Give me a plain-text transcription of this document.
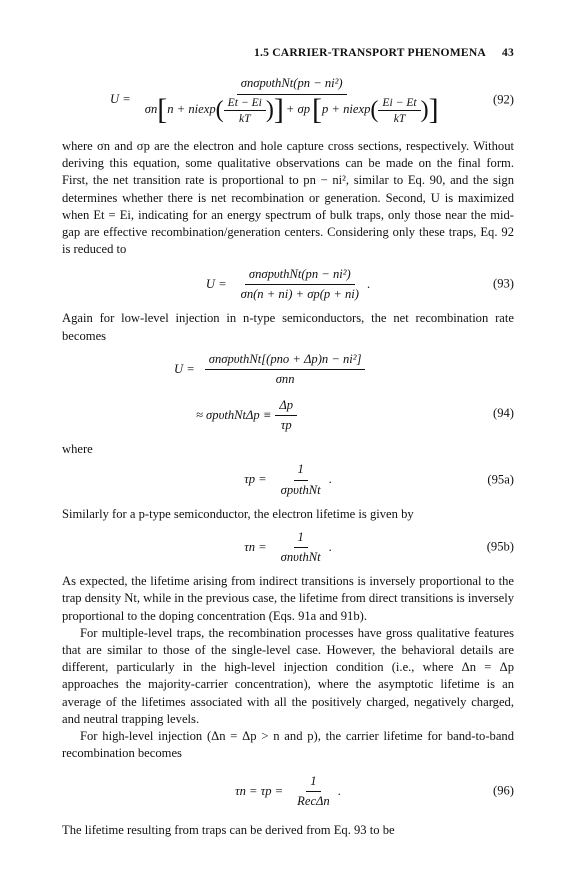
1.5 CARRIER-TRANSPORT PHENOMENA 43
U =
σnσpυthNt(pn − ni²)
σn [ n + niexp ( $\frac{Et - Ei}{kT}$ ) ] + σp [ p + niexp ( $\frac{Ei - Et}{kT}$ ) ]	(92)

where σn and σp are the electron and hole capture cross sections, respectively. Without deriving this equation, some qualitative observations can be made on the final form. First, the net transition rate is proportional to pn − ni², similar to Eq. 90, and the sign determines whether there is net recombination or generation. Second, U is maximized when Et = Ei, indicating for an energy spectrum of bulk traps, only those near the mid-gap are effective recombination/generation centers. Considering only these traps, Eq. 92 is reduced to

$U = \frac{\text{σnσpυthNt(pn − ni²)}}{\sigma n(n + ni) + \sigma p(p + ni)}$ .	(93)

Again for low-level injection in n-type semiconductors, the net recombination rate becomes

$U = \frac{\text{σnσpυthNt[(pno + Δp)n − ni²]}}{\text{σnn}}$
≈ σpυthNtΔp ≡ $\frac{\Delta p}{\tau p}$	(94)

where

$\tau p = \frac{1}{\text{σpυthNt}}$ .	(95a)

Similarly for a p-type semiconductor, the electron lifetime is given by

$\tau n = \frac{1}{\text{σnυthNt}}$ .	(95b)

As expected, the lifetime arising from indirect transitions is inversely proportional to the trap density Nt, while in the previous case, the lifetime from direct transitions is inversely proportional to the doping concentration (Eqs. 91a and 91b).

For multiple-level traps, the recombination processes have gross qualitative features that are similar to those of the single-level case. However, the behavioral details are different, particularly in the high-level injection condition (i.e., where Δn = Δp approaches the majority-carrier concentration), where the asymptotic lifetime is an average of the lifetimes associated with all the positively charged, negatively charged, and neutral trapping levels.

For high-level injection (Δn = Δp > n and p), the carrier lifetime for band-to-band recombination becomes

$\tau n = \tau p = \frac{1}{\text{RecΔn}}$ .	(96)

The lifetime resulting from traps can be derived from Eq. 93 to be
